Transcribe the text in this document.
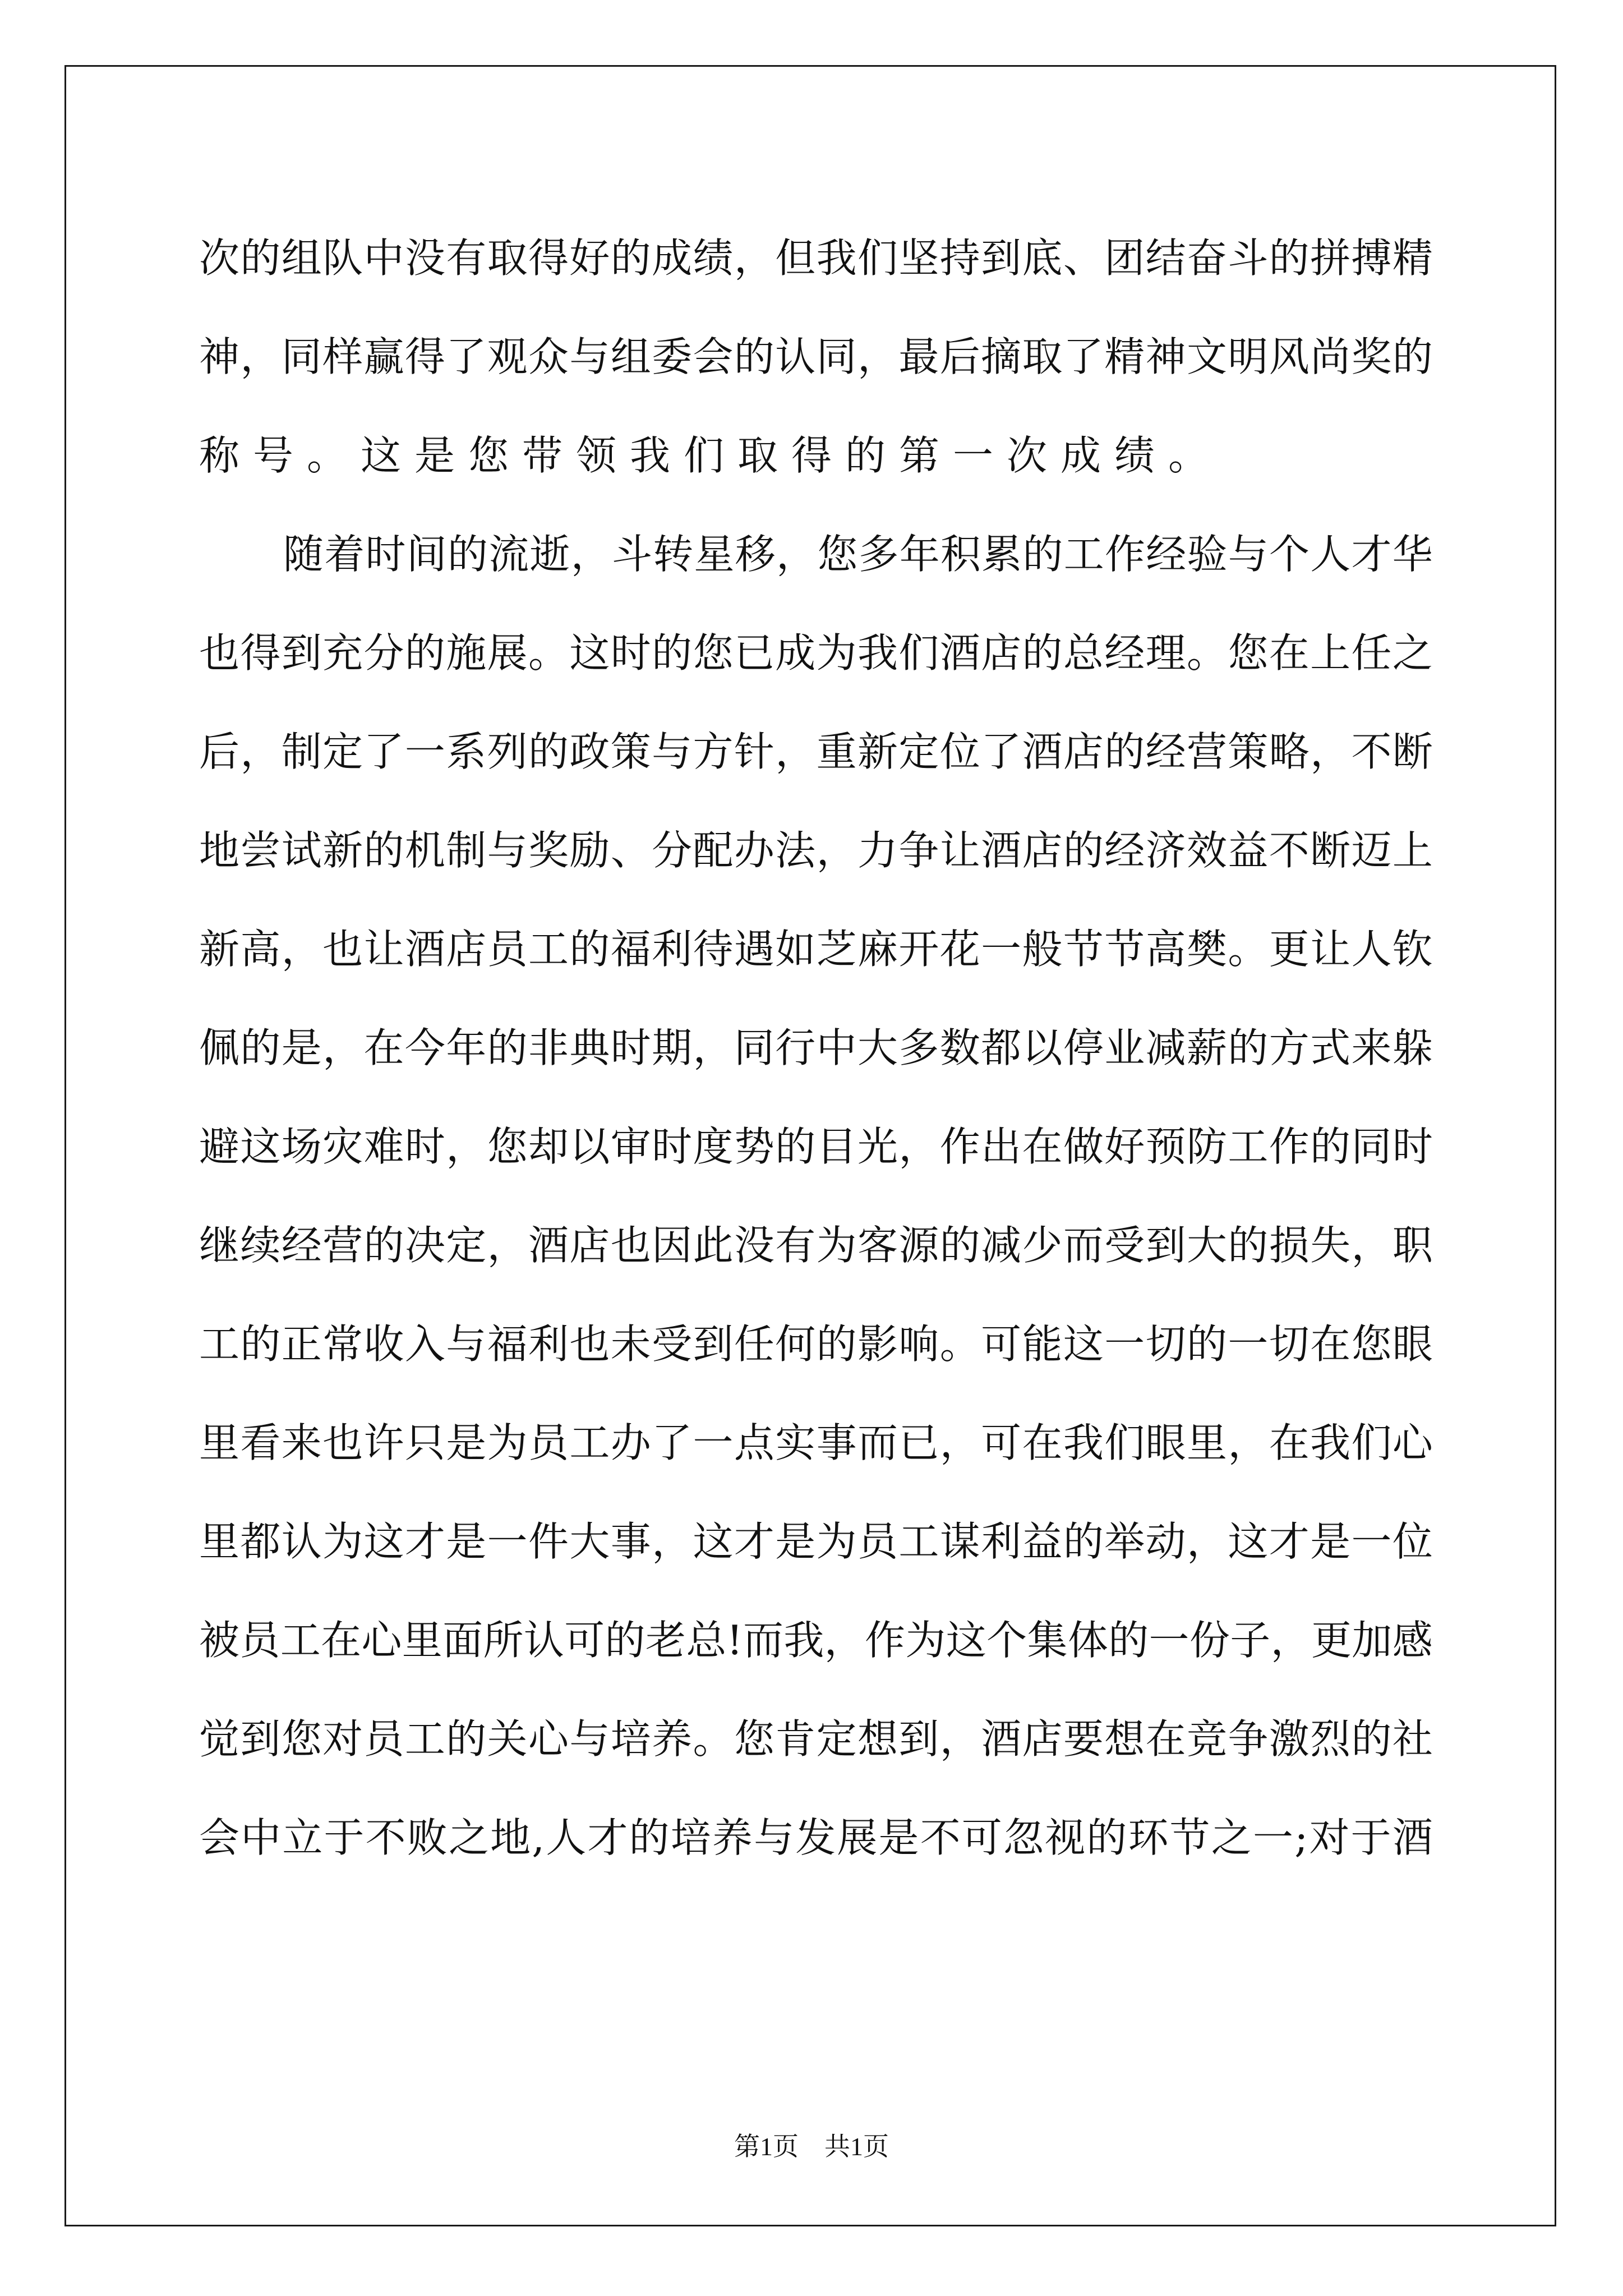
次 的 组 队 中 没 有 取 得 好 的 成 绩 ， 但 我 们 坚 持 到 底 、 团 结 奋 斗 的 拼 搏 精
神 ， 同 样 赢 得 了 观 众 与 组 委 会 的 认 同 ， 最 后 摘 取 了 精 神 文 明 风 尚 奖 的
称号。这是您带领我们取得的第一次成绩。
随 着 时 间 的 流 逝 ， 斗 转 星 移 ， 您 多 年 积 累 的 工 作 经 验 与 个 人 才 华
也 得 到 充 分 的 施 展 。 这 时 的 您 已 成 为 我 们 酒 店 的 总 经 理 。 您 在 上 任 之
后 ， 制 定 了 一 系 列 的 政 策 与 方 针 ， 重 新 定 位 了 酒 店 的 经 营 策 略 ， 不 断
地 尝 试 新 的 机 制 与 奖 励 、 分 配 办 法 ， 力 争 让 酒 店 的 经 济 效 益 不 断 迈 上
新 高 ， 也 让 酒 店 员 工 的 福 利 待 遇 如 芝 麻 开 花 一 般 节 节 高 樊 。 更 让 人 钦
佩 的 是 ， 在 今 年 的 非 典 时 期 ， 同 行 中 大 多 数 都 以 停 业 减 薪 的 方 式 来 躲
避 这 场 灾 难 时 ， 您 却 以 审 时 度 势 的 目 光 ， 作 出 在 做 好 预 防 工 作 的 同 时
继 续 经 营 的 决 定 ， 酒 店 也 因 此 没 有 为 客 源 的 减 少 而 受 到 大 的 损 失 ， 职
工 的 正 常 收 入 与 福 利 也 未 受 到 任 何 的 影 响 。 可 能 这 一 切 的 一 切 在 您 眼
里 看 来 也 许 只 是 为 员 工 办 了 一 点 实 事 而 已 ， 可 在 我 们 眼 里 ， 在 我 们 心
里 都 认 为 这 才 是 一 件 大 事 ， 这 才 是 为 员 工 谋 利 益 的 举 动 ， 这 才 是 一 位
被 员 工 在 心 里 面 所 认 可 的 老 总 ! 而 我 ， 作 为 这 个 集 体 的 一 份 子 ， 更 加 感
觉 到 您 对 员 工 的 关 心 与 培 养 。 您 肯 定 想 到 ， 酒 店 要 想 在 竞 争 激 烈 的 社
会 中 立 于 不 败 之 地 , 人 才 的 培 养 与 发 展 是 不 可 忽 视 的 环 节 之 一 ; 对 于 酒
第1页　共1页
